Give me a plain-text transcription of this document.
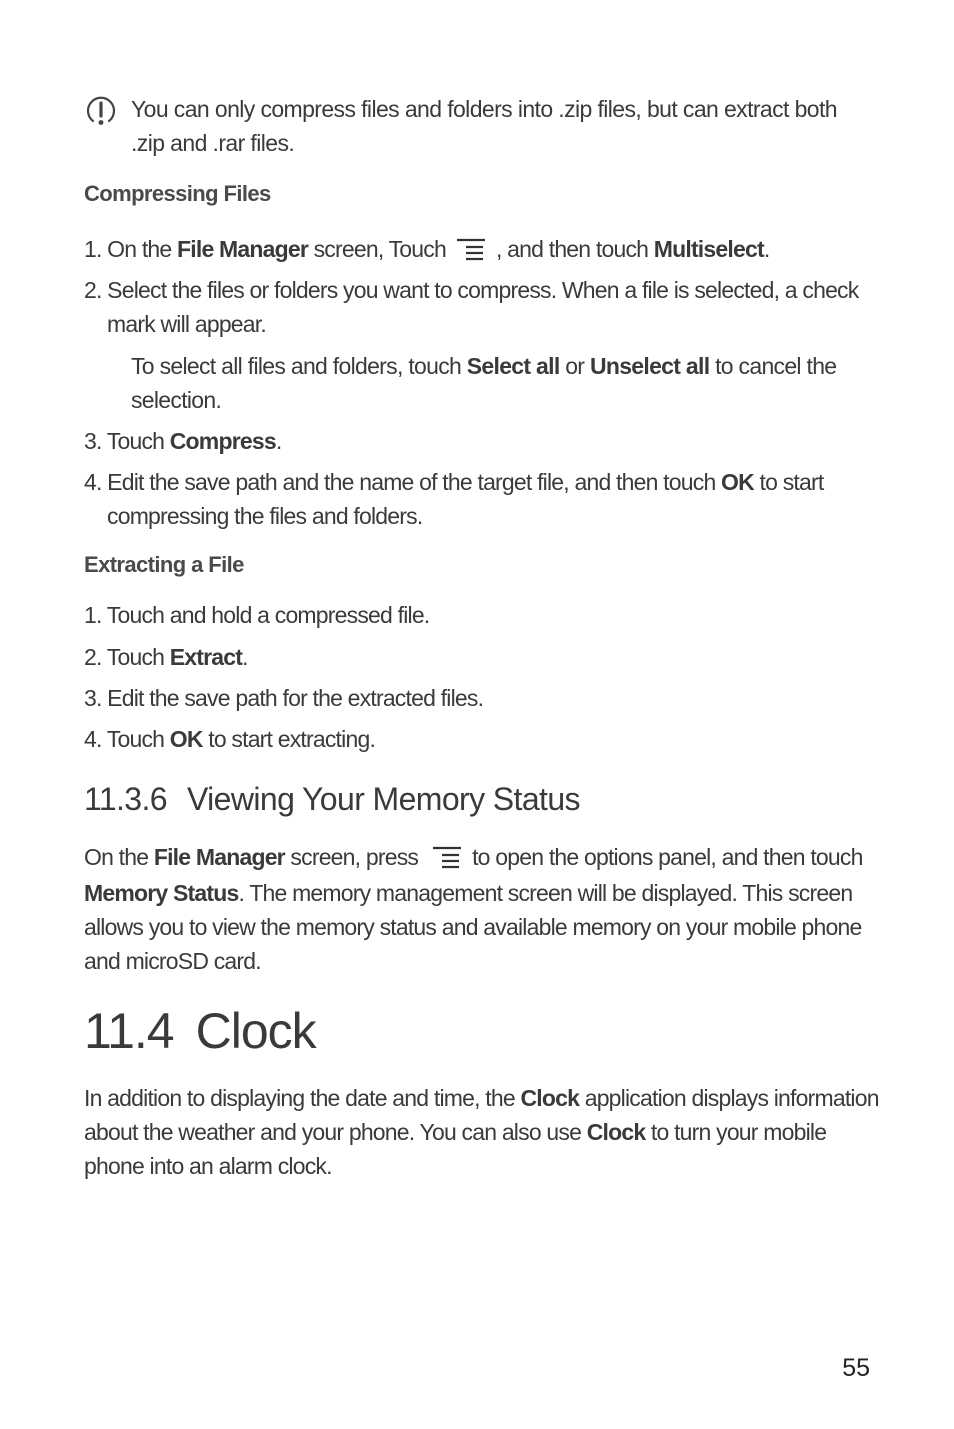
You can only compress files and folders into .zip files, but can extract both .zip and .rar files.
Compressing Files
1. On the File Manager screen, Touch , and then touch Multiselect.
2. Select the files or folders you want to compress. When a file is selected, a check mark will appear.
To select all files and folders, touch Select all or Unselect all to cancel the selection.
3. Touch Compress.
4. Edit the save path and the name of the target file, and then touch OK to start compressing the files and folders.
Extracting a File
1. Touch and hold a compressed file.
2. Touch Extract.
3. Edit the save path for the extracted files.
4. Touch OK to start extracting.
11.3.6 Viewing Your Memory Status
On the File Manager screen, press to open the options panel, and then touch
Memory Status. The memory management screen will be displayed. This screen
allows you to view the memory status and available memory on your mobile phone
and microSD card.
11.4 Clock
In addition to displaying the date and time, the Clock application displays information
about the weather and your phone. You can also use Clock to turn your mobile
phone into an alarm clock.
55
